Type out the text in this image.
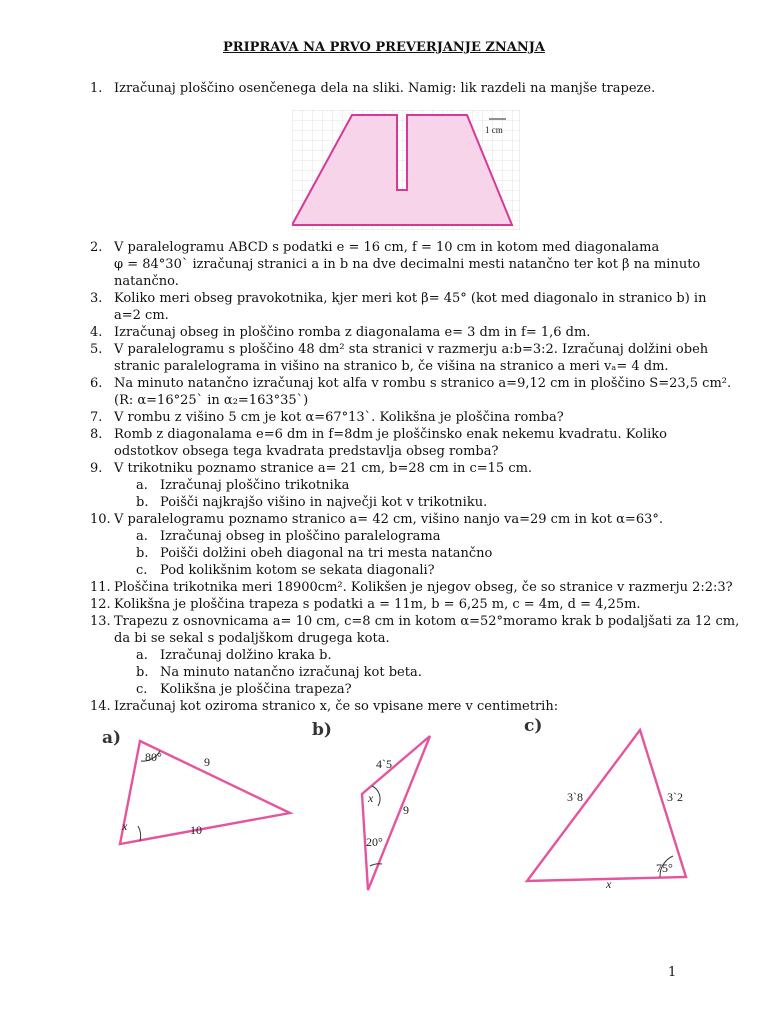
PRIPRAVA NA PRVO PREVERJANJE ZNANJA
1. Izračunaj ploščino osenčenega dela na sliki. Namig: lik razdeli na manjše trapeze.
2. V paralelogramu ABCD s podatki e = 16 cm, f = 10 cm in kotom med diagonalama
φ = 84°30` izračunaj stranici a in b na dve decimalni mesti natančno ter kot β na minuto
natančno.
3. Koliko meri obseg pravokotnika, kjer meri kot β= 45° (kot med diagonalo in stranico b) in
a=2 cm.
4. Izračunaj obseg in ploščino romba z diagonalama e= 3 dm in f= 1,6 dm.
5. V paralelogramu s ploščino 48 dm² sta stranici v razmerju a:b=3:2. Izračunaj dolžini obeh
stranic paralelograma in višino na stranico b, če višina na stranico a meri vₐ= 4 dm.
6. Na minuto natančno izračunaj kot alfa v rombu s stranico a=9,12 cm in ploščino S=23,5 cm².
(R: α=16°25` in α₂=163°35`)
7. V rombu z višino 5 cm je kot α=67°13`. Kolikšna je ploščina romba?
8. Romb z diagonalama e=6 dm in f=8dm je ploščinsko enak nekemu kvadratu. Koliko
odstotkov obsega tega kvadrata predstavlja obseg romba?
9. V trikotniku poznamo stranice a= 21 cm, b=28 cm in c=15 cm.
a. Izračunaj ploščino trikotnika
b. Poišči najkrajšo višino in največji kot v trikotniku.
10. V paralelogramu poznamo stranico a= 42 cm, višino nanjo va=29 cm in kot α=63°.
a. Izračunaj obseg in ploščino paralelograma
b. Poišči dolžini obeh diagonal na tri mesta natančno
c. Pod kolikšnim kotom se sekata diagonali?
11. Ploščina trikotnika meri 18900cm². Kolikšen je njegov obseg, če so stranice v razmerju 2:2:3?
12. Kolikšna je ploščina trapeza s podatki a = 11m, b = 6,25 m, c = 4m, d = 4,25m.
13. Trapezu z osnovnicama a= 10 cm, c=8 cm in kotom α=52°moramo krak b podaljšati za 12 cm,
da bi se sekal s podaljškom drugega kota.
a. Izračunaj dolžino kraka b.
b. Na minuto natančno izračunaj kot beta.
c. Kolikšna je ploščina trapeza?
14. Izračunaj kot oziroma stranico x, če so vpisane mere v centimetrih:
1 cm
a)
80°	9
10
x
b)
4`5
x
9
20°
c)
3`8	3`2
75°
x
1
